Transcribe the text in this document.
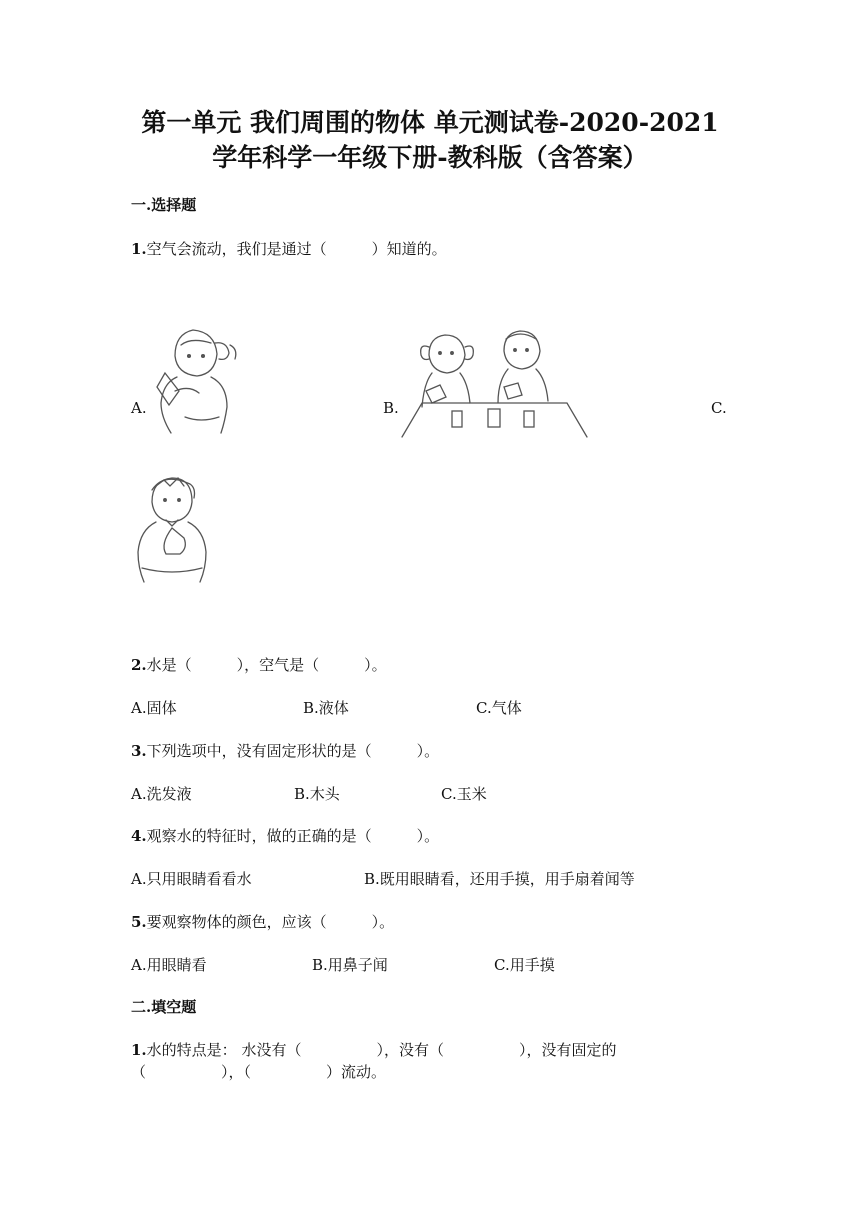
第一单元 我们周围的物体 单元测试卷-2020-2021
学年科学一年级下册-教科版（含答案）
一.选择题
1.空气会流动，我们是通过（　　　）知道的。
A.	B.	C.
2.水是（　　　），空气是（　　　）。
A.固体	B.液体	C.气体
3.下列选项中，没有固定形状的是（　　　）。
A.洗发液	B.木头	C.玉米
4.观察水的特征时，做的正确的是（　　　）。
A.只用眼睛看看水	B.既用眼睛看，还用手摸，用手扇着闻等
5.要观察物体的颜色，应该（　　　）。
A.用眼睛看	B.用鼻子闻	C.用手摸
二.填空题
1.水的特点是： 水没有（　　　　　），没有（　　　　　），没有固定的
（　　　　　），（　　　　　）流动。
